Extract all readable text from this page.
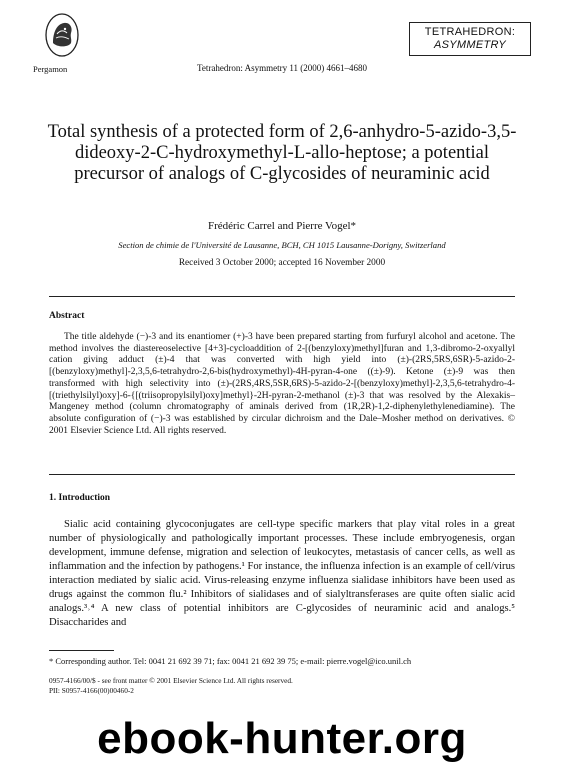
Pergamon	Tetrahedron: Asymmetry 11 (2000) 4661–4680
TETRAHEDRON:
ASYMMETRY
Total synthesis of a protected form of 2,6-anhydro-5-azido-3,5-dideoxy-2-C-hydroxymethyl-L-allo-heptose; a potential precursor of analogs of C-glycosides of neuraminic acid
Frédéric Carrel and Pierre Vogel*
Section de chimie de l'Université de Lausanne, BCH, CH 1015 Lausanne-Dorigny, Switzerland
Received 3 October 2000; accepted 16 November 2000
Abstract
The title aldehyde (−)-3 and its enantiomer (+)-3 have been prepared starting from furfuryl alcohol and acetone. The method involves the diastereoselective [4+3]-cycloaddition of 2-[(benzyloxy)methyl]furan and 1,3-dibromo-2-oxyallyl cation giving adduct (±)-4 that was converted with high yield into (±)-(2RS,5RS,6SR)-5-azido-2-[(benzyloxy)methyl]-2,3,5,6-tetrahydro-2,6-bis(hydroxymethyl)-4H-pyran-4-one ((±)-9). Ketone (±)-9 was then transformed with high selectivity into (±)-(2RS,4RS,5SR,6RS)-5-azido-2-[(benzyloxy)methyl]-2,3,5,6-tetrahydro-4-[(triethylsilyl)oxy]-6-{[(triisopropylsilyl)oxy]methyl}-2H-pyran-2-methanol (±)-3 that was resolved by the Alexakis–Mangeney method (column chromatography of aminals derived from (1R,2R)-1,2-diphenylethylenediamine). The absolute configuration of (−)-3 was established by circular dichroism and the Dale–Mosher method on derivatives. © 2001 Elsevier Science Ltd. All rights reserved.
1. Introduction
Sialic acid containing glycoconjugates are cell-type specific markers that play vital roles in a great number of physiologically and pathologically important processes. These include embryogenesis, organ development, immune defense, migration and selection of leukocytes, metastasis of cancer cells, as well as inflammation and the infection by pathogens.¹ For instance, the influenza infection is an example of cell/virus interaction mediated by sialic acid. Virus-releasing enzyme influenza sialidase inhibitors have been used as drugs against the common flu.² Inhibitors of sialidases and of sialyltransferases are quite often sialic acid analogs.³˒⁴ A new class of potential inhibitors are C-glycosides of neuraminic acid and analogs.⁵ Disaccharides and
* Corresponding author. Tel: 0041 21 692 39 71; fax: 0041 21 692 39 75; e-mail: pierre.vogel@ico.unil.ch
0957-4166/00/$ - see front matter © 2001 Elsevier Science Ltd. All rights reserved.
PII: S0957-4166(00)00460-2
ebook-hunter.org
